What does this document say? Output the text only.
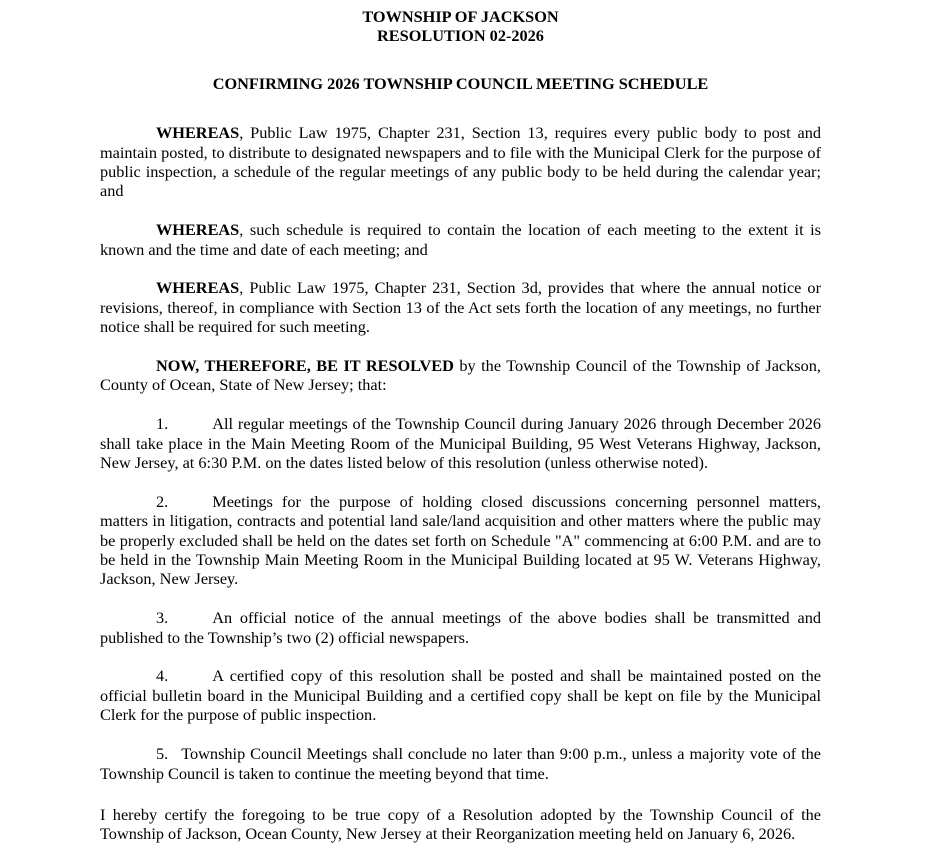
TOWNSHIP OF JACKSON
RESOLUTION 02-2026
CONFIRMING 2026 TOWNSHIP COUNCIL MEETING SCHEDULE

WHEREAS, Public Law 1975, Chapter 231, Section 13, requires every public body to post and maintain posted, to distribute to designated newspapers and to file with the Municipal Clerk for the purpose of public inspection, a schedule of the regular meetings of any public body to be held during the calendar year; and

WHEREAS, such schedule is required to contain the location of each meeting to the extent it is known and the time and date of each meeting; and

WHEREAS, Public Law 1975, Chapter 231, Section 3d, provides that where the annual notice or revisions, thereof, in compliance with Section 13 of the Act sets forth the location of any meetings, no further notice shall be required for such meeting.

NOW, THEREFORE, BE IT RESOLVED by the Township Council of the Township of Jackson, County of Ocean, State of New Jersey; that:

1.	All regular meetings of the Township Council during January 2026 through December 2026 shall take place in the Main Meeting Room of the Municipal Building, 95 West Veterans Highway, Jackson, New Jersey, at 6:30 P.M. on the dates listed below of this resolution (unless otherwise noted).

2.	Meetings for the purpose of holding closed discussions concerning personnel matters, matters in litigation, contracts and potential land sale/land acquisition and other matters where the public may be properly excluded shall be held on the dates set forth on Schedule "A" commencing at 6:00 P.M. and are to be held in the Township Main Meeting Room in the Municipal Building located at 95 W. Veterans Highway, Jackson, New Jersey.

3.	An official notice of the annual meetings of the above bodies shall be transmitted and published to the Township’s two (2) official newspapers.

4.	A certified copy of this resolution shall be posted and shall be maintained posted on the official bulletin board in the Municipal Building and a certified copy shall be kept on file by the Municipal Clerk for the purpose of public inspection.

5. Township Council Meetings shall conclude no later than 9:00 p.m., unless a majority vote of the Township Council is taken to continue the meeting beyond that time.

I hereby certify the foregoing to be true copy of a Resolution adopted by the Township Council of the Township of Jackson, Ocean County, New Jersey at their Reorganization meeting held on January 6, 2026.
